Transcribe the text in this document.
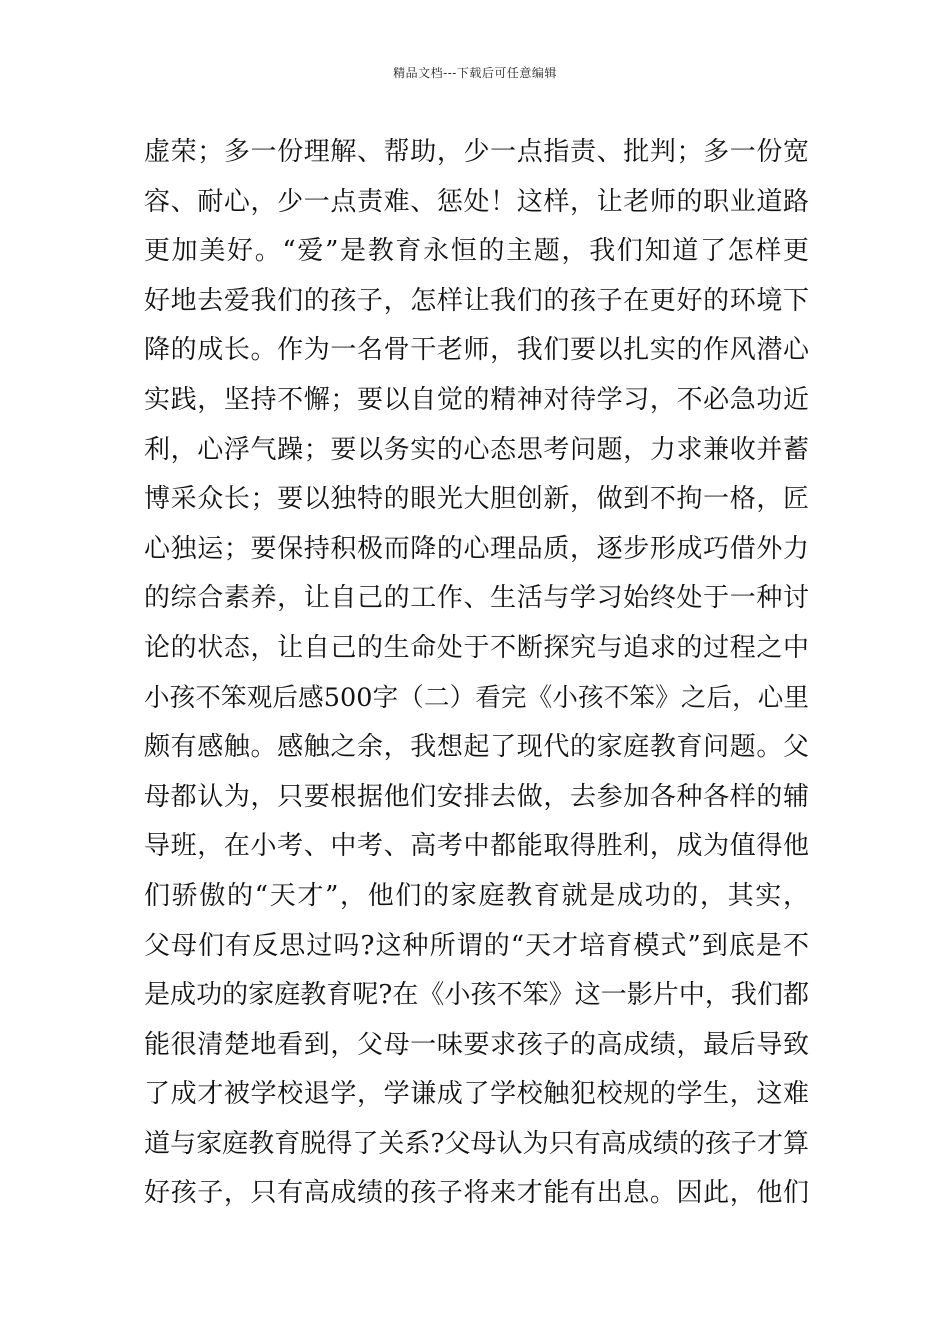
精品文档---下载后可任意编辑
虚荣；多一份理解、帮助，少一点指责、批判；多一份宽
容、耐心，少一点责难、惩处！这样，让老师的职业道路
更加美好。“爱”是教育永恒的主题，我们知道了怎样更
好地去爱我们的孩子，怎样让我们的孩子在更好的环境下
降的成长。作为一名骨干老师，我们要以扎实的作风潜心
实践，坚持不懈；要以自觉的精神对待学习，不必急功近
利，心浮气躁；要以务实的心态思考问题，力求兼收并蓄
博采众长；要以独特的眼光大胆创新，做到不拘一格，匠
心独运；要保持积极而降的心理品质，逐步形成巧借外力
的综合素养，让自己的工作、生活与学习始终处于一种讨
论的状态，让自己的生命处于不断探究与追求的过程之中
小孩不笨观后感500字（二）看完《小孩不笨》之后，心里
颇有感触。感触之余，我想起了现代的家庭教育问题。父
母都认为，只要根据他们安排去做，去参加各种各样的辅
导班，在小考、中考、高考中都能取得胜利，成为值得他
们骄傲的“天才”，他们的家庭教育就是成功的，其实，
父母们有反思过吗?这种所谓的“天才培育模式”到底是不
是成功的家庭教育呢?在《小孩不笨》这一影片中，我们都
能很清楚地看到，父母一味要求孩子的高成绩，最后导致
了成才被学校退学，学谦成了学校触犯校规的学生，这难
道与家庭教育脱得了关系?父母认为只有高成绩的孩子才算
好孩子，只有高成绩的孩子将来才能有出息。因此，他们
